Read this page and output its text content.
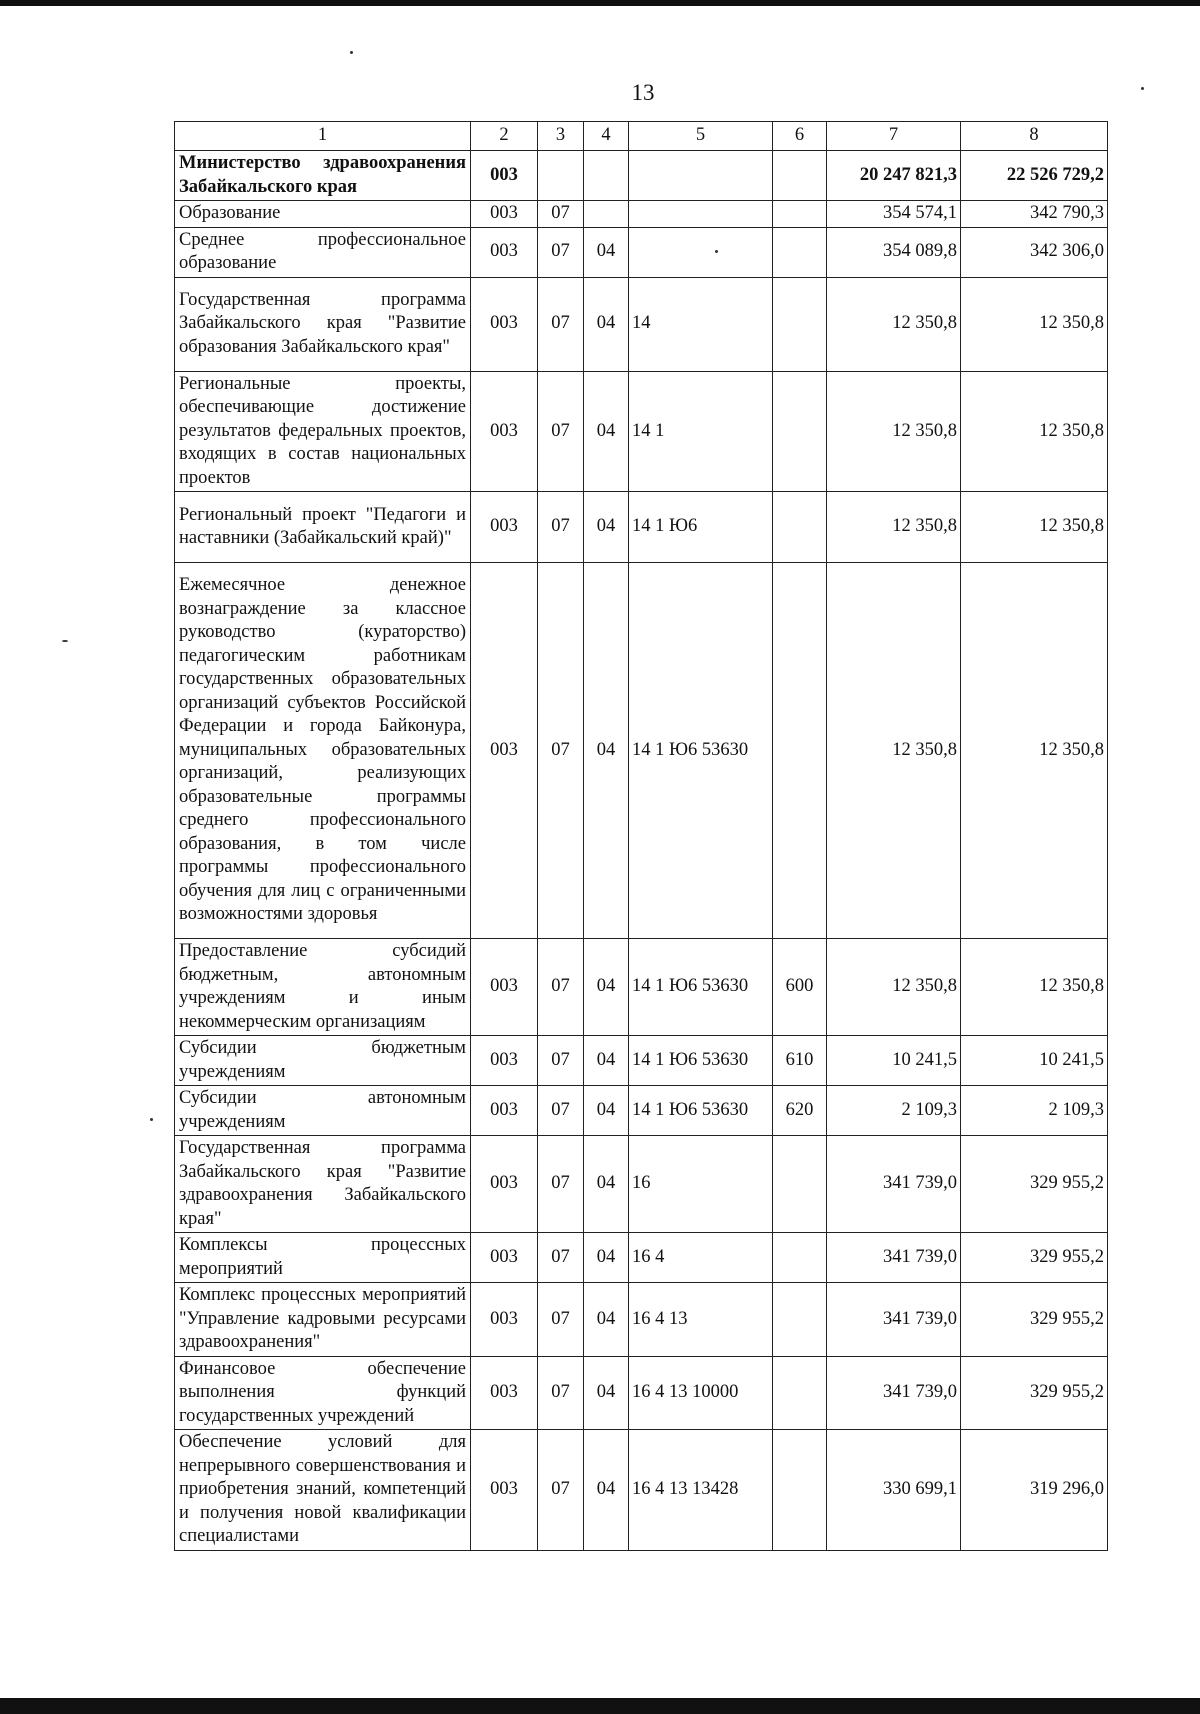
13
1	2	3	4	5	6	7	8
Министерство здравоохранения Забайкальского края	003					20 247 821,3	22 526 729,2
Образование	003	07				354 574,1	342 790,3
Среднее профессиональное образование	003	07	04			354 089,8	342 306,0
Государственная программа Забайкальского края "Развитие образования Забайкальского края"	003	07	04	14		12 350,8	12 350,8
Региональные проекты, обеспечивающие достижение результатов федеральных проектов, входящих в состав национальных проектов	003	07	04	14 1		12 350,8	12 350,8
Региональный проект "Педагоги и наставники (Забайкальский край)"	003	07	04	14 1 Ю6		12 350,8	12 350,8
Ежемесячное денежное вознаграждение за классное руководство (кураторство) педагогическим работникам государственных образовательных организаций субъектов Российской Федерации и города Байконура, муниципальных образовательных организаций, реализующих образовательные программы среднего профессионального образования, в том числе программы профессионального обучения для лиц с ограниченными возможностями здоровья	003	07	04	14 1 Ю6 53630		12 350,8	12 350,8
Предоставление субсидий бюджетным, автономным учреждениям и иным некоммерческим организациям	003	07	04	14 1 Ю6 53630	600	12 350,8	12 350,8
Субсидии бюджетным учреждениям	003	07	04	14 1 Ю6 53630	610	10 241,5	10 241,5
Субсидии автономным учреждениям	003	07	04	14 1 Ю6 53630	620	2 109,3	2 109,3
Государственная программа Забайкальского края "Развитие здравоохранения Забайкальского края"	003	07	04	16		341 739,0	329 955,2
Комплексы процессных мероприятий	003	07	04	16 4		341 739,0	329 955,2
Комплекс процессных мероприятий "Управление кадровыми ресурсами здравоохранения"	003	07	04	16 4 13		341 739,0	329 955,2
Финансовое обеспечение выполнения функций государственных учреждений	003	07	04	16 4 13 10000		341 739,0	329 955,2
Обеспечение условий для непрерывного совершенствования и приобретения знаний, компетенций и получения новой квалификации специалистами	003	07	04	16 4 13 13428		330 699,1	319 296,0
